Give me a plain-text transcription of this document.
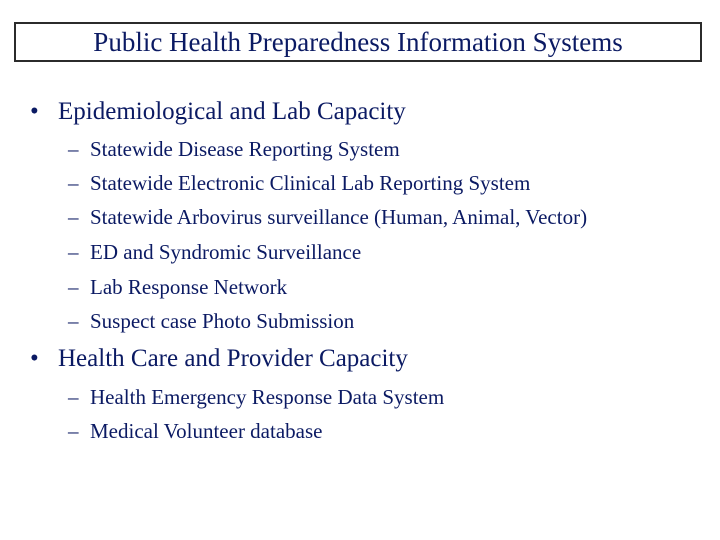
Public Health Preparedness Information Systems
• Epidemiological and Lab Capacity
– Statewide Disease Reporting System
– Statewide Electronic Clinical Lab Reporting System
– Statewide Arbovirus surveillance (Human, Animal, Vector)
– ED and Syndromic Surveillance
– Lab Response Network
– Suspect case Photo Submission
• Health Care and Provider Capacity
– Health Emergency Response Data System
– Medical Volunteer database
